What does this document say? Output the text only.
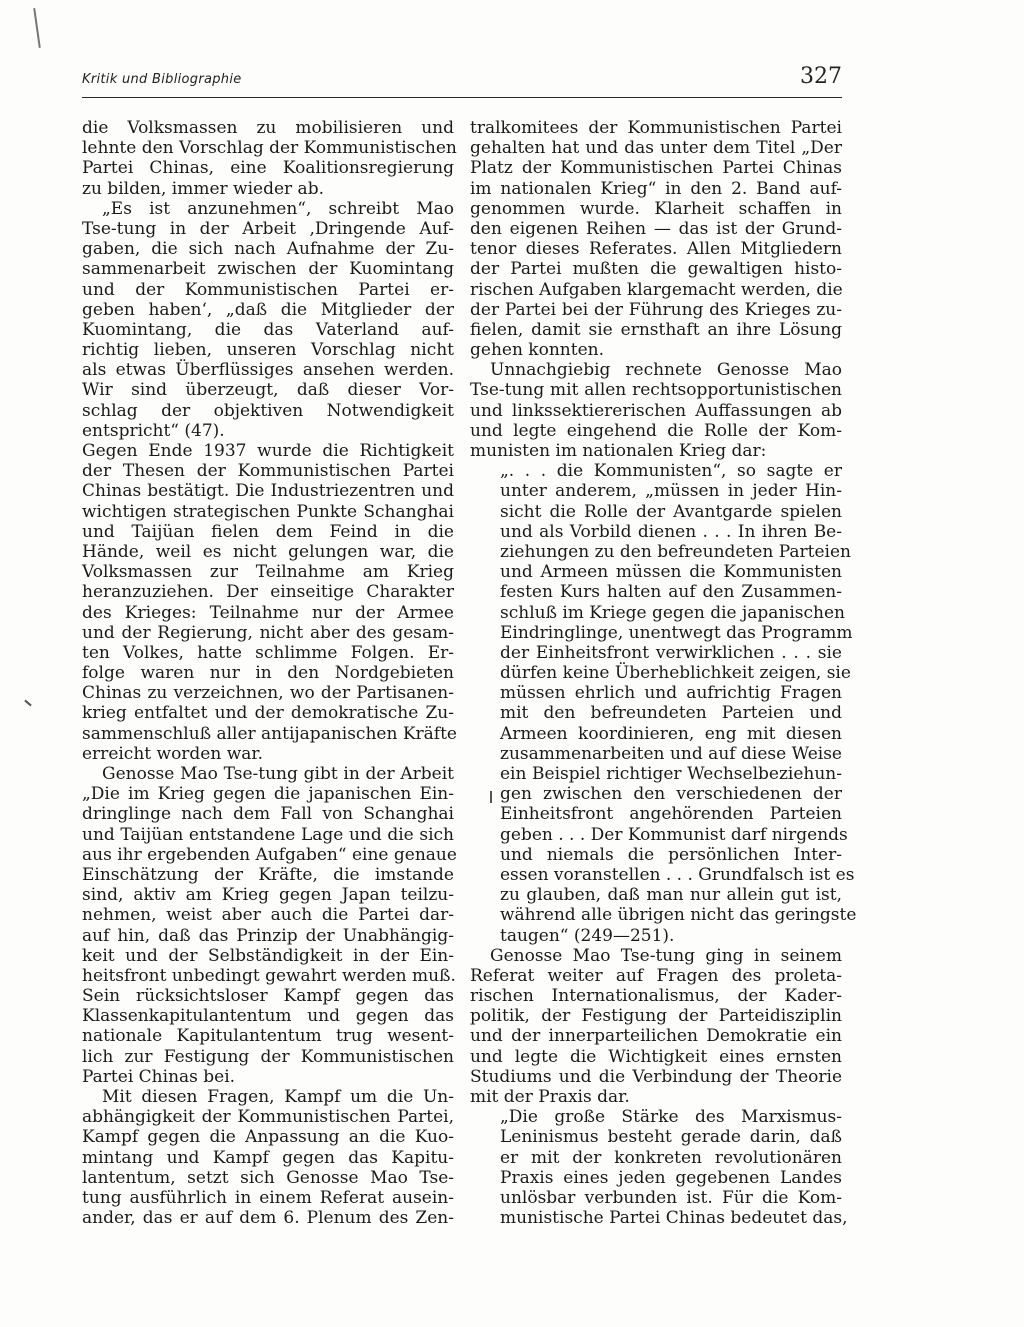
Kritik und Bibliographie	327
die Volksmassen zu mobilisieren und
lehnte den Vorschlag der Kommunistischen
Partei Chinas, eine Koalitionsregierung
zu bilden, immer wieder ab.
„Es ist anzunehmen“, schreibt Mao
Tse-tung in der Arbeit ‚Dringende Auf-
gaben, die sich nach Aufnahme der Zu-
sammenarbeit zwischen der Kuomintang
und der Kommunistischen Partei er-
geben haben‘, „daß die Mitglieder der
Kuomintang, die das Vaterland auf-
richtig lieben, unseren Vorschlag nicht
als etwas Überflüssiges ansehen werden.
Wir sind überzeugt, daß dieser Vor-
schlag der objektiven Notwendigkeit
entspricht“ (47).
Gegen Ende 1937 wurde die Richtigkeit
der Thesen der Kommunistischen Partei
Chinas bestätigt. Die Industriezentren und
wichtigen strategischen Punkte Schanghai
und Taijüan fielen dem Feind in die
Hände, weil es nicht gelungen war, die
Volksmassen zur Teilnahme am Krieg
heranzuziehen. Der einseitige Charakter
des Krieges: Teilnahme nur der Armee
und der Regierung, nicht aber des gesam-
ten Volkes, hatte schlimme Folgen. Er-
folge waren nur in den Nordgebieten
Chinas zu verzeichnen, wo der Partisanen-
krieg entfaltet und der demokratische Zu-
sammenschluß aller antijapanischen Kräfte
erreicht worden war.
Genosse Mao Tse-tung gibt in der Arbeit
„Die im Krieg gegen die japanischen Ein-
dringlinge nach dem Fall von Schanghai
und Taijüan entstandene Lage und die sich
aus ihr ergebenden Aufgaben“ eine genaue
Einschätzung der Kräfte, die imstande
sind, aktiv am Krieg gegen Japan teilzu-
nehmen, weist aber auch die Partei dar-
auf hin, daß das Prinzip der Unabhängig-
keit und der Selbständigkeit in der Ein-
heitsfront unbedingt gewahrt werden muß.
Sein rücksichtsloser Kampf gegen das
Klassenkapitulantentum und gegen das
nationale Kapitulantentum trug wesent-
lich zur Festigung der Kommunistischen
Partei Chinas bei.
Mit diesen Fragen, Kampf um die Un-
abhängigkeit der Kommunistischen Partei,
Kampf gegen die Anpassung an die Kuo-
mintang und Kampf gegen das Kapitu-
lantentum, setzt sich Genosse Mao Tse-
tung ausführlich in einem Referat ausein-
ander, das er auf dem 6. Plenum des Zen-
tralkomitees der Kommunistischen Partei
gehalten hat und das unter dem Titel „Der
Platz der Kommunistischen Partei Chinas
im nationalen Krieg“ in den 2. Band auf-
genommen wurde. Klarheit schaffen in
den eigenen Reihen — das ist der Grund-
tenor dieses Referates. Allen Mitgliedern
der Partei mußten die gewaltigen histo-
rischen Aufgaben klargemacht werden, die
der Partei bei der Führung des Krieges zu-
fielen, damit sie ernsthaft an ihre Lösung
gehen konnten.
Unnachgiebig rechnete Genosse Mao
Tse-tung mit allen rechtsopportunistischen
und linkssektiererischen Auffassungen ab
und legte eingehend die Rolle der Kom-
munisten im nationalen Krieg dar:
„. . . die Kommunisten“, so sagte er
unter anderem, „müssen in jeder Hin-
sicht die Rolle der Avantgarde spielen
und als Vorbild dienen . . . In ihren Be-
ziehungen zu den befreundeten Parteien
und Armeen müssen die Kommunisten
festen Kurs halten auf den Zusammen-
schluß im Kriege gegen die japanischen
Eindringlinge, unentwegt das Programm
der Einheitsfront verwirklichen . . . sie
dürfen keine Überheblichkeit zeigen, sie
müssen ehrlich und aufrichtig Fragen
mit den befreundeten Parteien und
Armeen koordinieren, eng mit diesen
zusammenarbeiten und auf diese Weise
ein Beispiel richtiger Wechselbeziehun-
gen zwischen den verschiedenen der
Einheitsfront angehörenden Parteien
geben . . . Der Kommunist darf nirgends
und niemals die persönlichen Inter-
essen voranstellen . . . Grundfalsch ist es
zu glauben, daß man nur allein gut ist,
während alle übrigen nicht das geringste
taugen“ (249—251).
Genosse Mao Tse-tung ging in seinem
Referat weiter auf Fragen des proleta-
rischen Internationalismus, der Kader-
politik, der Festigung der Parteidisziplin
und der innerparteilichen Demokratie ein
und legte die Wichtigkeit eines ernsten
Studiums und die Verbindung der Theorie
mit der Praxis dar.
„Die große Stärke des Marxismus-
Leninismus besteht gerade darin, daß
er mit der konkreten revolutionären
Praxis eines jeden gegebenen Landes
unlösbar verbunden ist. Für die Kom-
munistische Partei Chinas bedeutet das,
